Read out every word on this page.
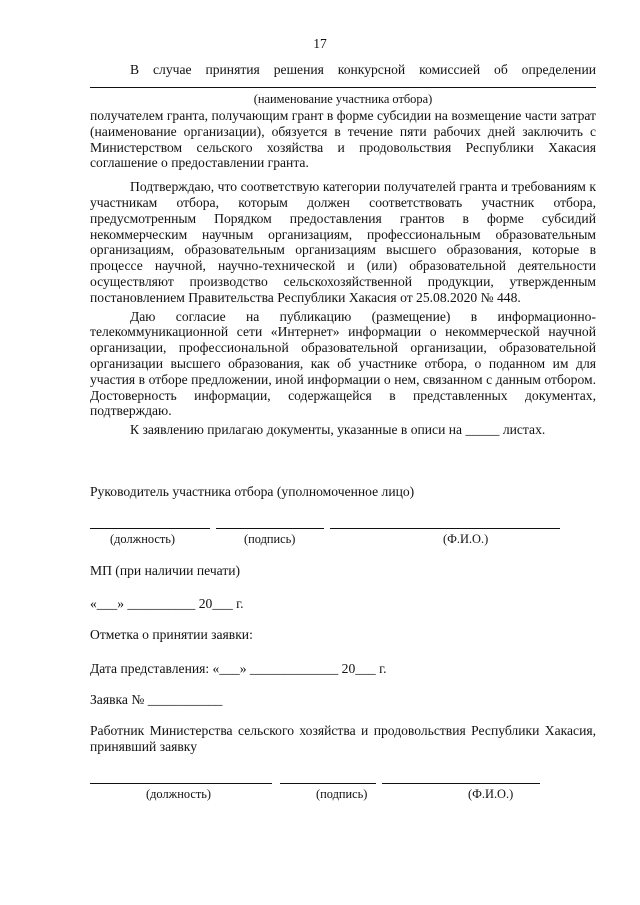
17

В случае принятия решения конкурсной комиссией об определении

(наименование участника отбора)

получателем гранта, получающим грант в форме субсидии на возмещение части затрат (наименование организации), обязуется в течение пяти рабочих дней заключить с Министерством сельского хозяйства и продовольствия Республики Хакасия соглашение о предоставлении гранта.

Подтверждаю, что соответствую категории получателей гранта и требованиям к участникам отбора, которым должен соответствовать участник отбора, предусмотренным Порядком предоставления грантов в форме субсидий некоммерческим научным организациям, профессиональным образовательным организациям, образовательным организациям высшего образования, которые в процессе научной, научно-технической и (или) образовательной деятельности осуществляют производство сельскохозяйственной продукции, утвержденным постановлением Правительства Республики Хакасия от 25.08.2020 № 448.

Даю согласие на публикацию (размещение) в информационно-телекоммуникационной сети «Интернет» информации о некоммерческой научной организации, профессиональной образовательной организации, образовательной организации высшего образования, как об участнике отбора, о поданном им для участия в отборе предложении, иной информации о нем, связанном с данным отбором. Достоверность информации, содержащейся в представленных документах, подтверждаю.

К заявлению прилагаю документы, указанные в описи на _____ листах.

Руководитель участника отбора (уполномоченное лицо)
(должность)	(подпись)	(Ф.И.О.)
МП (при наличии печати)
«___» __________ 20___ г.
Отметка о принятии заявки:
Дата представления: «___» _____________ 20___ г.
Заявка № ___________

Работник Министерства сельского хозяйства и продовольствия Республики Хакасия, принявший заявку

(должность)	(подпись)	(Ф.И.О.)
